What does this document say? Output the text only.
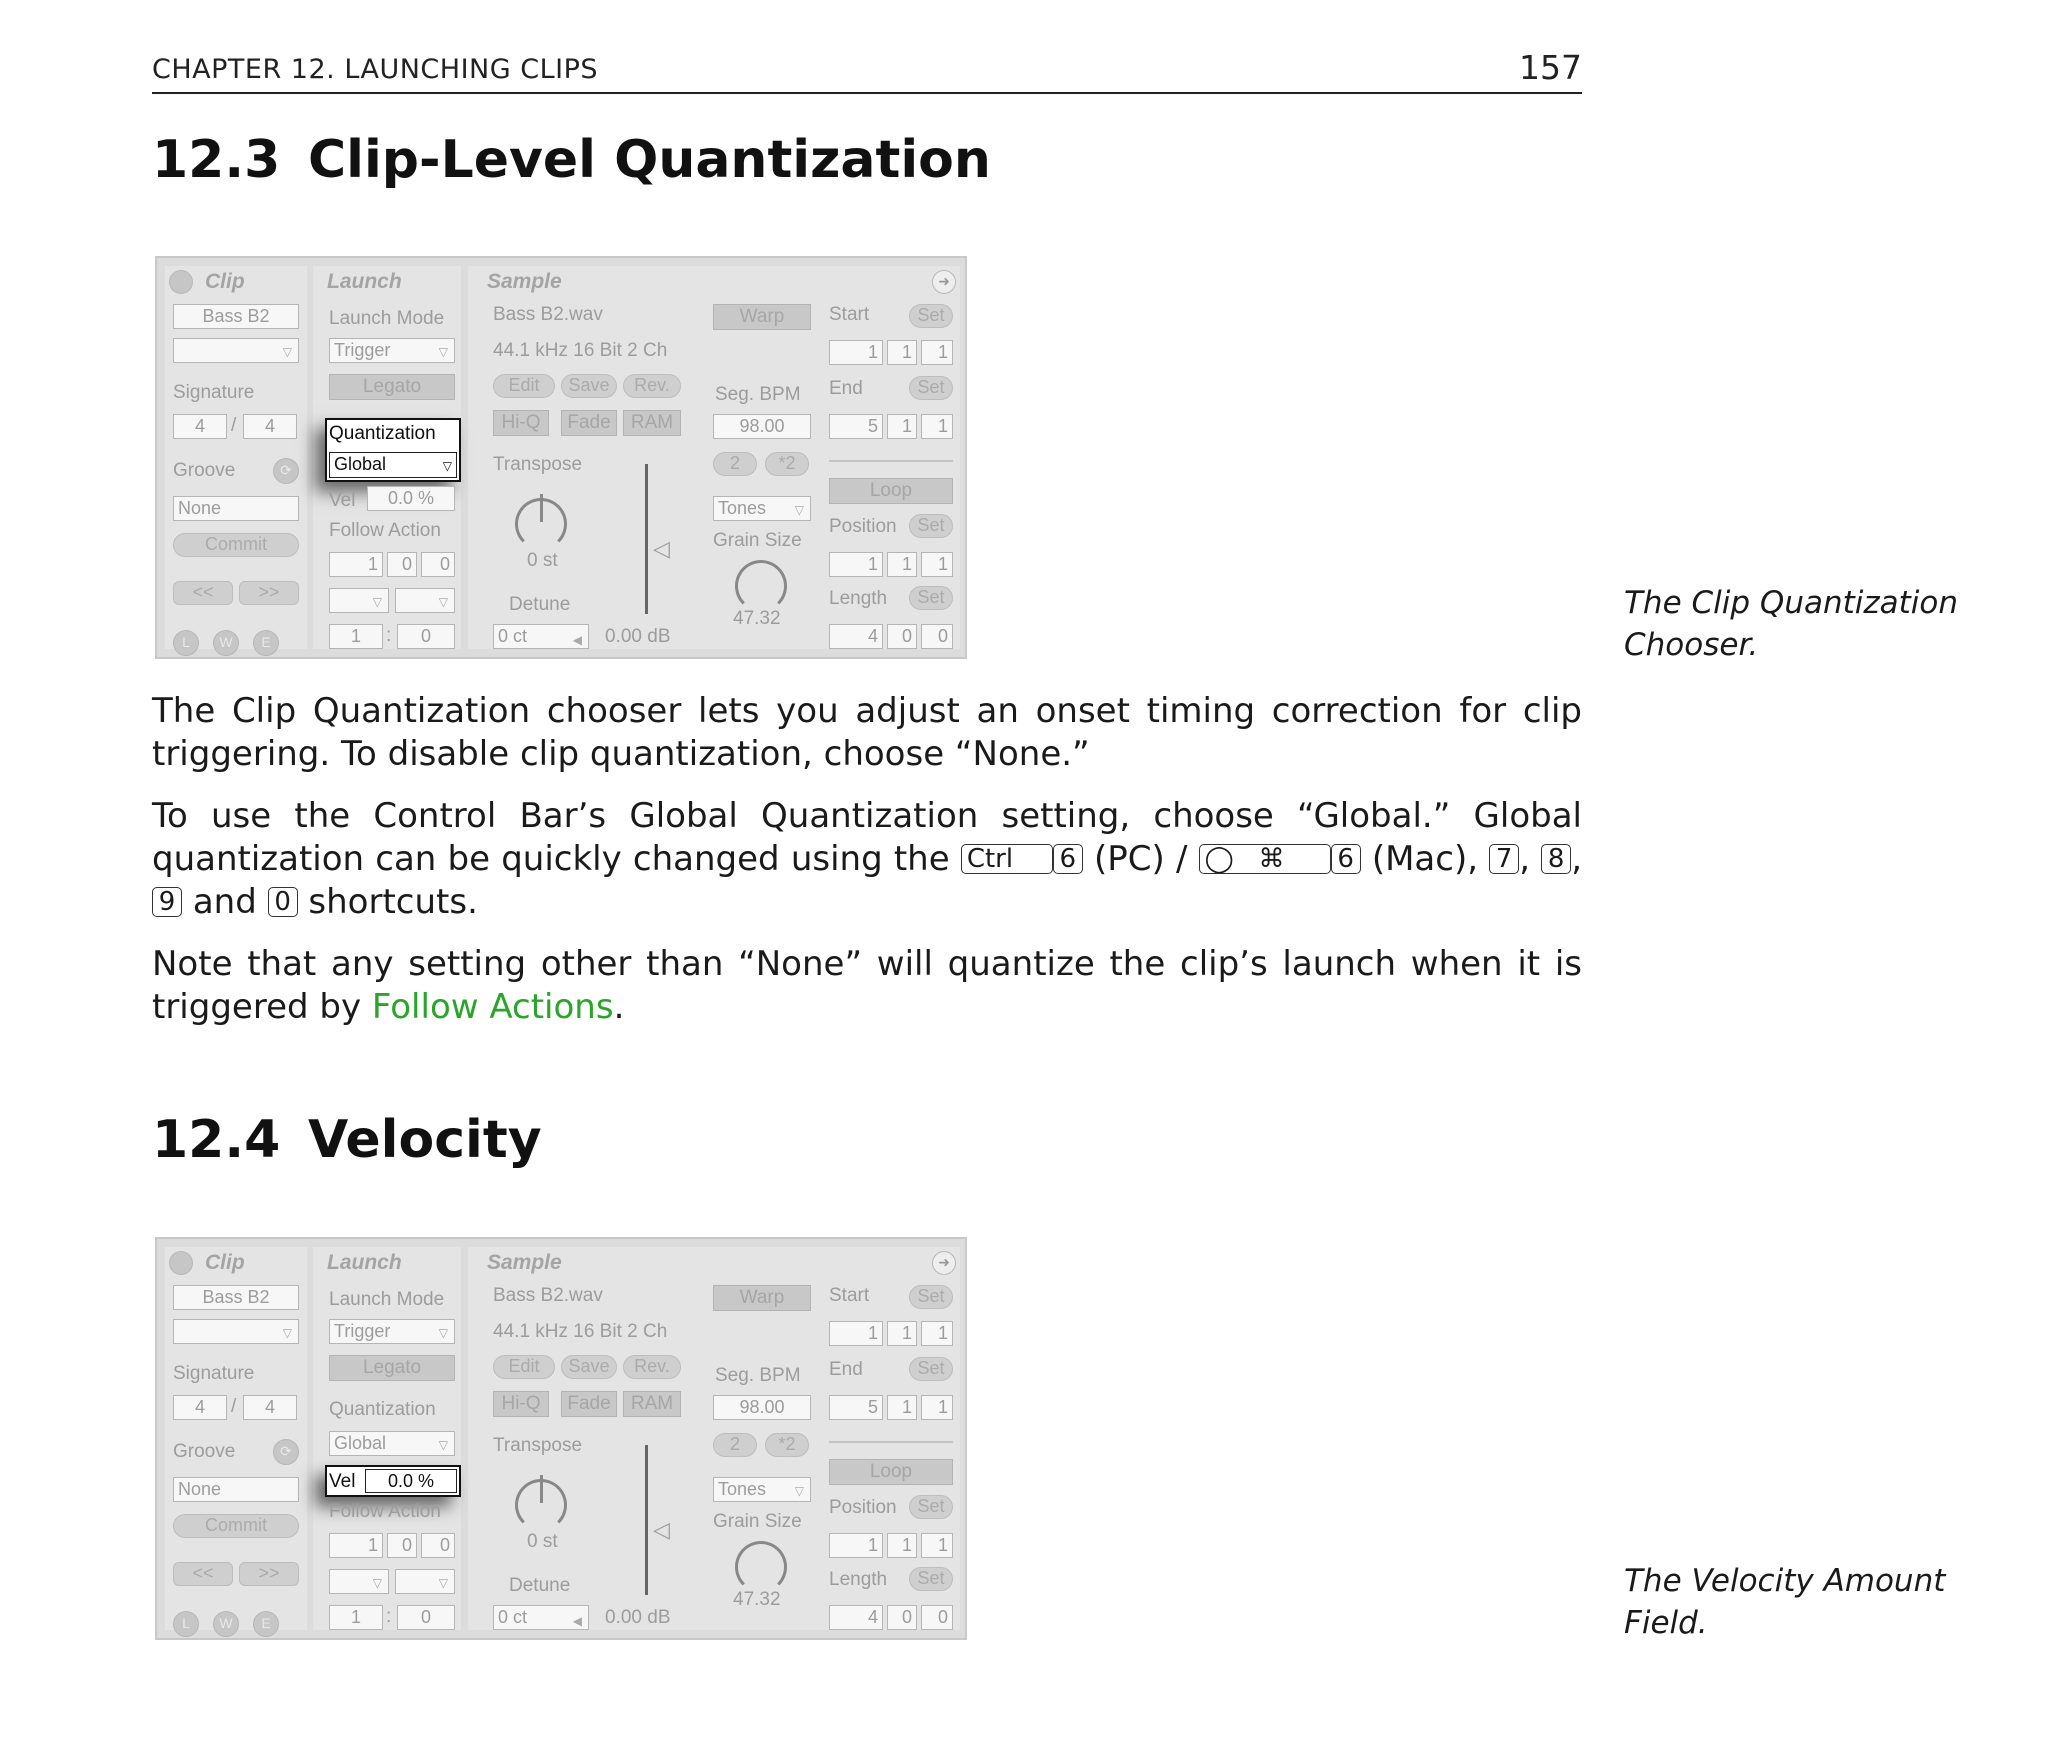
CHAPTER 12. LAUNCHING CLIPS	157
12.3 Clip-Level Quantization
Clip	Launch	Sample	➜
Bass B2
▽
Signature
4	/	4
Groove	⟳
None
Commit
<<	>>
L	W	E
Launch Mode
Trigger	▽
Legato
Quantization
Global	▽
Vel	0.0 %
Follow Action
1	0	0
▽	▽
1	:	0
Bass B2.wav
44.1 kHz 16 Bit 2 Ch
Edit	Save	Rev.
Hi-Q	Fade	RAM
Transpose
0 st	◁
Detune
0 ct	◀ 0.00 dB
Warp
Seg. BPM
98.00
2	*2
Tones ▽
Grain Size
47.32
Start	Set
1	1	1
End	Set
5	1	1
Loop
Position	Set
1	1	1
Length	Set
4	0	0
The Clip Quantization Chooser.

The Clip Quantization chooser lets you adjust an onset timing correction for clip triggering. To disable clip quantization, choose “None.”

To use the Control Bar’s Global Quantization setting, choose “Global.” Global quantization can be quickly changed using the Ctrl 6 (PC) / ◯ ⌘ 6 (Mac), 7 , 8 , 9 and 0 shortcuts.

Note that any setting other than “None” will quantize the clip’s launch when it is triggered by Follow Actions.

12.4 Velocity
Clip	Launch	Sample	➜
Bass B2
▽
Signature
4	/	4
Groove	⟳
None
Commit
<<	>>
L	W	E
Launch Mode
Trigger	▽
Legato
Quantization
Global	▽
Vel	0.0 %
Follow Action
1	0	0
▽	▽
1	:	0
Bass B2.wav
44.1 kHz 16 Bit 2 Ch
Edit	Save	Rev.
Hi-Q	Fade	RAM
Transpose
0 st	◁
Detune
0 ct	◀ 0.00 dB
Warp
Seg. BPM
98.00
2	*2
Tones ▽
Grain Size
47.32
Start	Set
1	1	1
End	Set
5	1	1
Loop
Position	Set
1	1	1
Length	Set
4	0	0
The Velocity Amount Field.
